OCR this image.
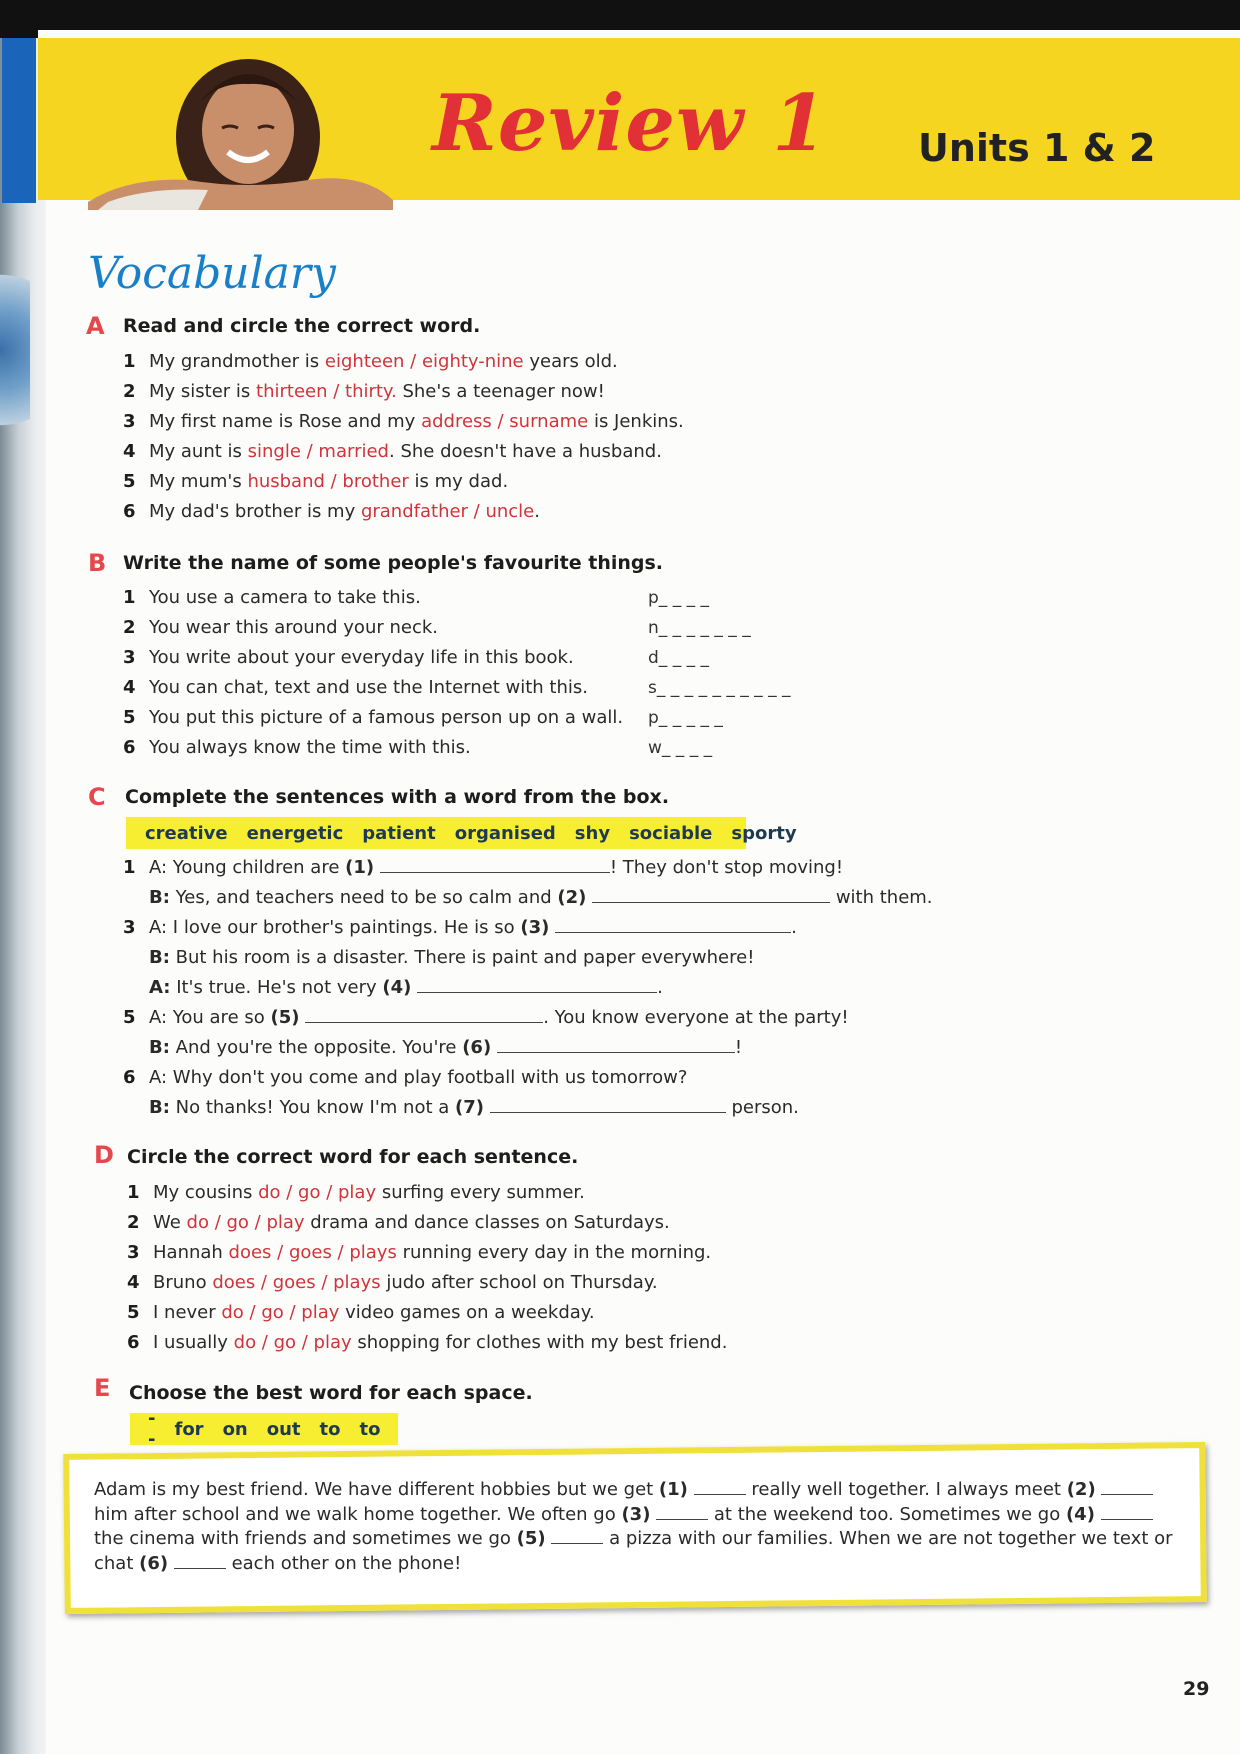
Review 1 Units 1 & 2
Vocabulary
A Read and circle the correct word.
1 My grandmother is eighteen / eighty-nine years old.
2 My sister is thirteen / thirty. She's a teenager now!
3 My first name is Rose and my address / surname is Jenkins.
4 My aunt is single / married. She doesn't have a husband.
5 My mum's husband / brother is my dad.
6 My dad's brother is my grandfather / uncle.
B Write the name of some people's favourite things.
1 You use a camera to take this.	p_ _ _ _
2 You wear this around your neck.	n_ _ _ _ _ _ _
3 You write about your everyday life in this book.	d_ _ _ _
4 You can chat, text and use the Internet with this.	s_ _ _ _ _ _ _ _ _ _
5 You put this picture of a famous person up on a wall. p_ _ _ _ _
6 You always know the time with this.	w_ _ _ _
C Complete the sentences with a word from the box.
creative energetic patient organised shy sociable sporty
1 A: Young children are (1)	! They don't stop moving!
B: Yes, and teachers need to be so calm and (2)	with them.
3 A: I love our brother's paintings. He is so (3)	.
B: But his room is a disaster. There is paint and paper everywhere!
A: It's true. He's not very (4)	.
5 A: You are so (5)	. You know everyone at the party!
B: And you're the opposite. You're (6)	!
6 A: Why don't you come and play football with us tomorrow?
B: No thanks! You know I'm not a (7)	person.
D Circle the correct word for each sentence.
1 My cousins do / go / play surfing every summer.
2 We do / go / play drama and dance classes on Saturdays.
3 Hannah does / goes / plays running every day in the morning.
4 Bruno does / goes / plays judo after school on Thursday.
5 I never do / go / play video games on a weekday.
6 I usually do / go / play shopping for clothes with my best friend.
E Choose the best word for each space.
-- for on out to to
Adam is my best friend. We have different hobbies but we get (1)	really well together. I always meet (2)  him after school and we walk home together. We often go (3)	at the weekend too. Sometimes we go (4)  the cinema with friends and sometimes we go (5)	a pizza with our families. When we are not together we text or chat (6)	each other on the phone!
29
